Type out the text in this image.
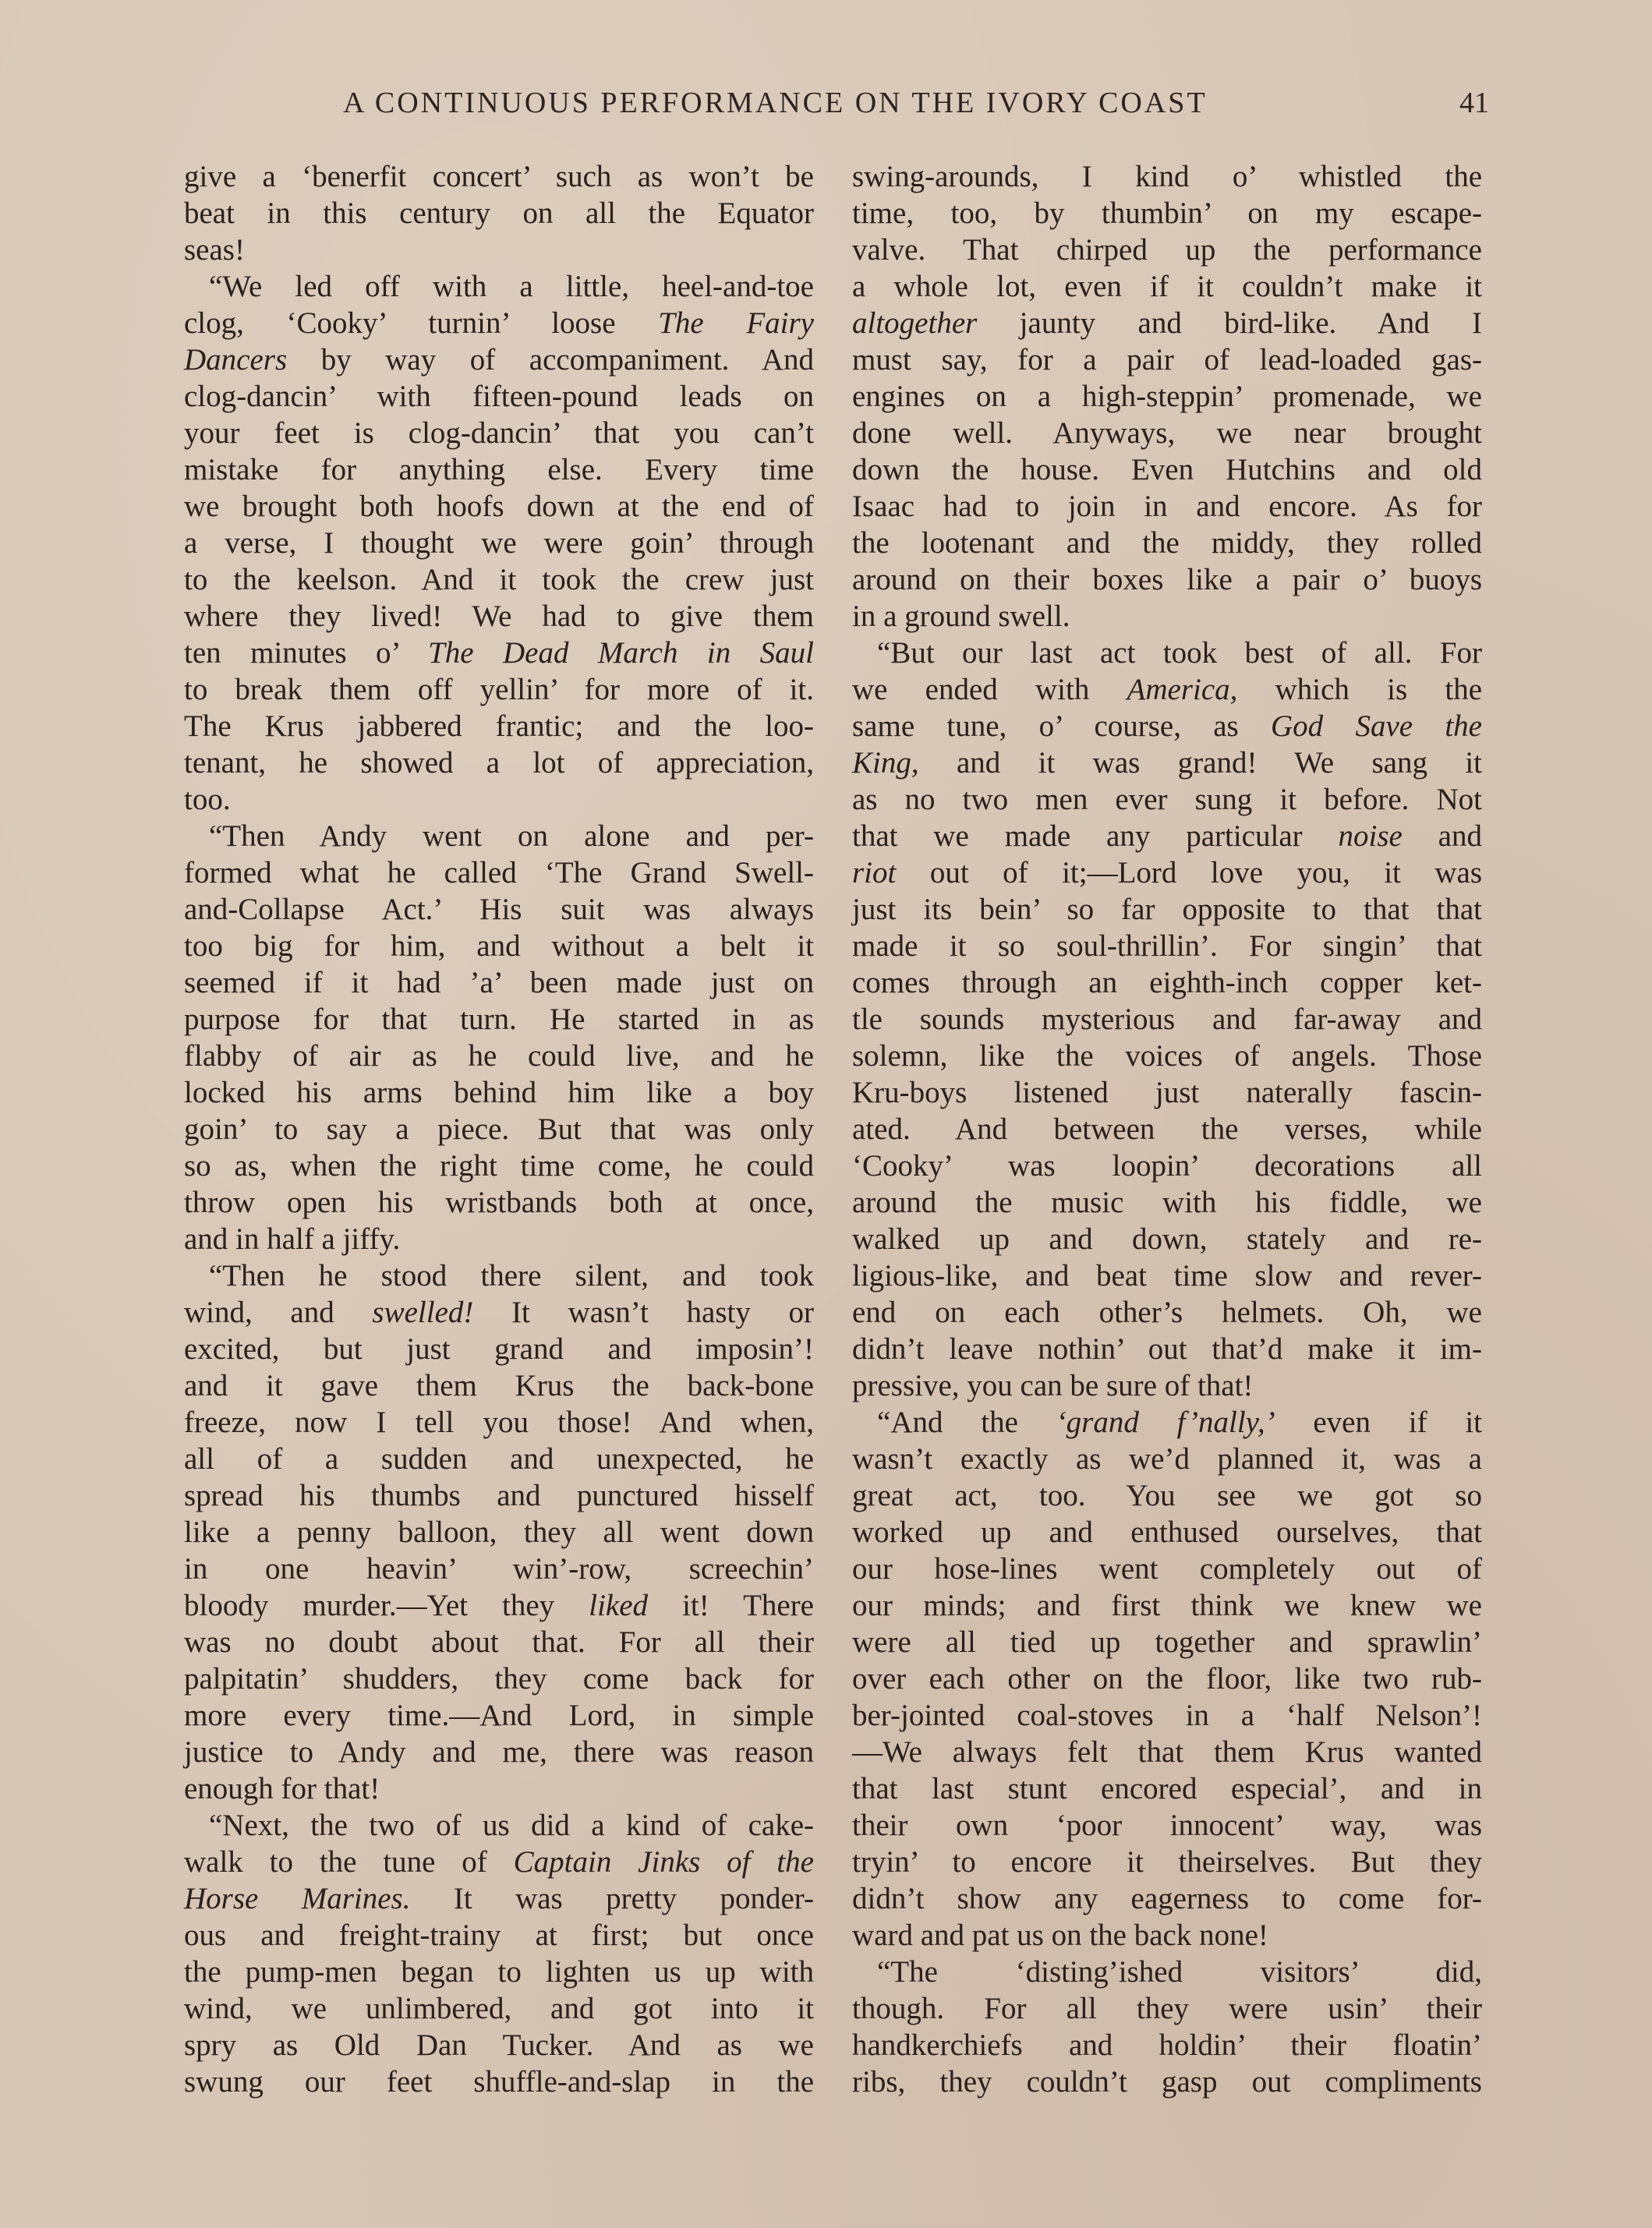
A CONTINUOUS PERFORMANCE ON THE IVORY COAST	41

give a ‘benerfit concert’ such as won’t be

beat in this century on all the Equator

seas!

“We led off with a little, heel-and-toe

clog, ‘Cooky’ turnin’ loose The Fairy

Dancers by way of accompaniment. And

clog-dancin’ with fifteen-pound leads on

your feet is clog-dancin’ that you can’t

mistake for anything else. Every time

we brought both hoofs down at the end of

a verse, I thought we were goin’ through

to the keelson. And it took the crew just

where they lived! We had to give them

ten minutes o’ The Dead March in Saul

to break them off yellin’ for more of it.

The Krus jabbered frantic; and the loo-

tenant, he showed a lot of appreciation,

too.

“Then Andy went on alone and per-

formed what he called ‘The Grand Swell-

and-Collapse Act.’ His suit was always

too big for him, and without a belt it

seemed if it had ’a’ been made just on

purpose for that turn. He started in as

flabby of air as he could live, and he

locked his arms behind him like a boy

goin’ to say a piece. But that was only

so as, when the right time come, he could

throw open his wristbands both at once,

and in half a jiffy.

“Then he stood there silent, and took

wind, and swelled! It wasn’t hasty or

excited, but just grand and imposin’!

and it gave them Krus the back-bone

freeze, now I tell you those! And when,

all of a sudden and unexpected, he

spread his thumbs and punctured hisself

like a penny balloon, they all went down

in one heavin’ win’-row, screechin’

bloody murder.—Yet they liked it! There

was no doubt about that. For all their

palpitatin’ shudders, they come back for

more every time.—And Lord, in simple

justice to Andy and me, there was reason

enough for that!

“Next, the two of us did a kind of cake-

walk to the tune of Captain Jinks of the

Horse Marines. It was pretty ponder-

ous and freight-trainy at first; but once

the pump-men began to lighten us up with

wind, we unlimbered, and got into it

spry as Old Dan Tucker. And as we

swung our feet shuffle-and-slap in the

swing-arounds, I kind o’ whistled the

time, too, by thumbin’ on my escape-

valve. That chirped up the performance

a whole lot, even if it couldn’t make it

altogether jaunty and bird-like. And I

must say, for a pair of lead-loaded gas-

engines on a high-steppin’ promenade, we

done well. Anyways, we near brought

down the house. Even Hutchins and old

Isaac had to join in and encore. As for

the lootenant and the middy, they rolled

around on their boxes like a pair o’ buoys

in a ground swell.

“But our last act took best of all. For

we ended with America, which is the

same tune, o’ course, as God Save the

King, and it was grand! We sang it

as no two men ever sung it before. Not

that we made any particular noise and

riot out of it;—Lord love you, it was

just its bein’ so far opposite to that that

made it so soul-thrillin’. For singin’ that

comes through an eighth-inch copper ket-

tle sounds mysterious and far-away and

solemn, like the voices of angels. Those

Kru-boys listened just naterally fascin-

ated. And between the verses, while

‘Cooky’ was loopin’ decorations all

around the music with his fiddle, we

walked up and down, stately and re-

ligious-like, and beat time slow and rever-

end on each other’s helmets. Oh, we

didn’t leave nothin’ out that’d make it im-

pressive, you can be sure of that!

“And the ‘grand f’nally,’ even if it

wasn’t exactly as we’d planned it, was a

great act, too. You see we got so

worked up and enthused ourselves, that

our hose-lines went completely out of

our minds; and first think we knew we

were all tied up together and sprawlin’

over each other on the floor, like two rub-

ber-jointed coal-stoves in a ‘half Nelson’!

—We always felt that them Krus wanted

that last stunt encored especial’, and in

their own ‘poor innocent’ way, was

tryin’ to encore it theirselves. But they

didn’t show any eagerness to come for-

ward and pat us on the back none!

“The ‘disting’ished visitors’ did,

though. For all they were usin’ their

handkerchiefs and holdin’ their floatin’

ribs, they couldn’t gasp out compliments
